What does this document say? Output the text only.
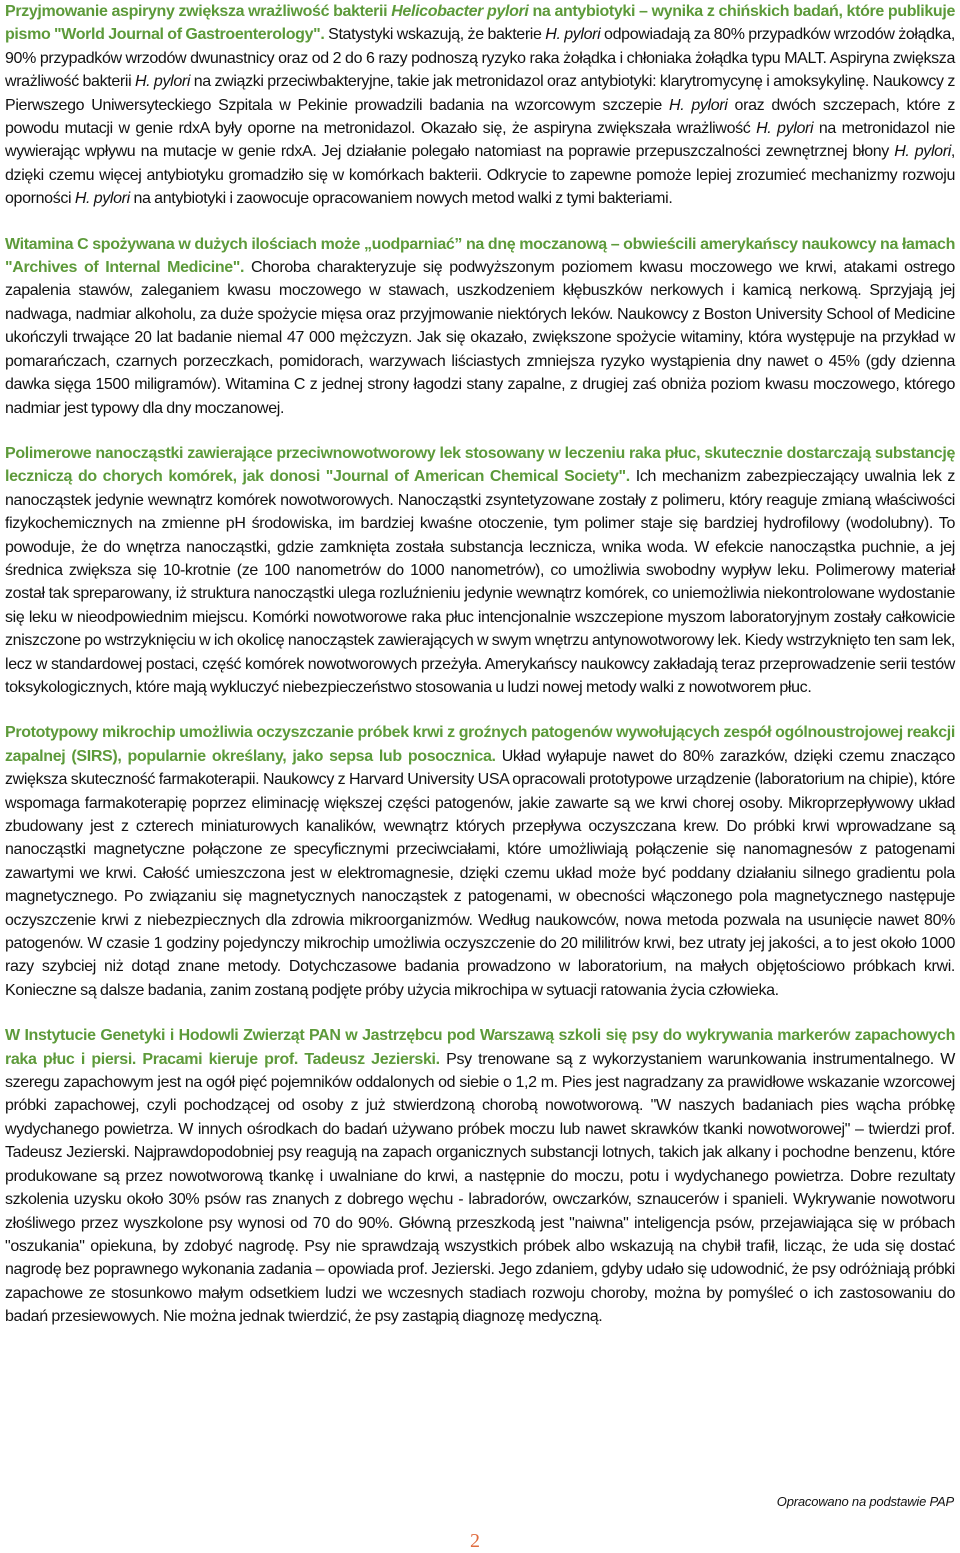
Przyjmowanie aspiryny zwiększa wrażliwość bakterii Helicobacter pylori na antybiotyki – wynika z chińskich badań, które publikuje pismo "World Journal of Gastroenterology". Statystyki wskazują, że bakterie H. pylori odpowiadają za 80% przypadków wrzodów żołądka, 90% przypadków wrzodów dwunastnicy oraz od 2 do 6 razy podnoszą ryzyko raka żołądka i chłoniaka żołądka typu MALT. Aspiryna zwiększa wrażliwość bakterii H. pylori na związki przeciwbakteryjne, takie jak metronidazol oraz antybiotyki: klarytromycynę i amoksykylinę. Naukowcy z Pierwszego Uniwersyteckiego Szpitala w Pekinie prowadzili badania na wzorcowym szczepie H. pylori oraz dwóch szczepach, które z powodu mutacji w genie rdxA były oporne na metronidazol. Okazało się, że aspiryna zwiększała wrażliwość H. pylori na metronidazol nie wywierając wpływu na mutacje w genie rdxA. Jej działanie polegało natomiast na poprawie przepuszczalności zewnętrznej błony H. pylori, dzięki czemu więcej antybiotyku gromadziło się w komórkach bakterii. Odkrycie to zapewne pomoże lepiej zrozumieć mechanizmy rozwoju oporności H. pylori na antybiotyki i zaowocuje opracowaniem nowych metod walki z tymi bakteriami.

Witamina C spożywana w dużych ilościach może „uodparniać” na dnę moczanową – obwieścili amerykańscy naukowcy na łamach "Archives of Internal Medicine". Choroba charakteryzuje się podwyższonym poziomem kwasu moczowego we krwi, atakami ostrego zapalenia stawów, zaleganiem kwasu moczowego w stawach, uszkodzeniem kłębuszków nerkowych i kamicą nerkową. Sprzyjają jej nadwaga, nadmiar alkoholu, za duże spożycie mięsa oraz przyjmowanie niektórych leków. Naukowcy z Boston University School of Medicine ukończyli trwające 20 lat badanie niemal 47 000 mężczyzn. Jak się okazało, zwiększone spożycie witaminy, która występuje na przykład w pomarańczach, czarnych porzeczkach, pomidorach, warzywach liściastych zmniejsza ryzyko wystąpienia dny nawet o 45% (gdy dzienna dawka sięga 1500 miligramów). Witamina C z jednej strony łagodzi stany zapalne, z drugiej zaś obniża poziom kwasu moczowego, którego nadmiar jest typowy dla dny moczanowej.

Polimerowe nanocząstki zawierające przeciwnowotworowy lek stosowany w leczeniu raka płuc, skutecznie dostarczają substancję leczniczą do chorych komórek, jak donosi "Journal of American Chemical Society". Ich mechanizm zabezpieczający uwalnia lek z nanocząstek jedynie wewnątrz komórek nowotworowych. Nanocząstki zsyntetyzowane zostały z polimeru, który reaguje zmianą właściwości fizykochemicznych na zmienne pH środowiska, im bardziej kwaśne otoczenie, tym polimer staje się bardziej hydrofilowy (wodolubny). To powoduje, że do wnętrza nanocząstki, gdzie zamknięta została substancja lecznicza, wnika woda. W efekcie nanocząstka puchnie, a jej średnica zwiększa się 10-krotnie (ze 100 nanometrów do 1000 nanometrów), co umożliwia swobodny wypływ leku. Polimerowy materiał został tak spreparowany, iż struktura nanocząstki ulega rozluźnieniu jedynie wewnątrz komórek, co uniemożliwia niekontrolowane wydostanie się leku w nieodpowiednim miejscu. Komórki nowotworowe raka płuc intencjonalnie wszczepione myszom laboratoryjnym zostały całkowicie zniszczone po wstrzyknięciu w ich okolicę nanocząstek zawierających w swym wnętrzu antynowotworowy lek. Kiedy wstrzyknięto ten sam lek, lecz w standardowej postaci, część komórek nowotworowych przeżyła. Amerykańscy naukowcy zakładają teraz przeprowadzenie serii testów toksykologicznych, które mają wykluczyć niebezpieczeństwo stosowania u ludzi nowej metody walki z nowotworem płuc.

Prototypowy mikrochip umożliwia oczyszczanie próbek krwi z groźnych patogenów wywołujących zespół ogólnoustrojowej reakcji zapalnej (SIRS), popularnie określany, jako sepsa lub posocznica. Układ wyłapuje nawet do 80% zarazków, dzięki czemu znacząco zwiększa skuteczność farmakoterapii. Naukowcy z Harvard University USA opracowali prototypowe urządzenie (laboratorium na chipie), które wspomaga farmakoterapię poprzez eliminację większej części patogenów, jakie zawarte są we krwi chorej osoby. Mikroprzepływowy układ zbudowany jest z czterech miniaturowych kanalików, wewnątrz których przepływa oczyszczana krew. Do próbki krwi wprowadzane są nanocząstki magnetyczne połączone ze specyficznymi przeciwciałami, które umożliwiają połączenie się nanomagnesów z patogenami zawartymi we krwi. Całość umieszczona jest w elektromagnesie, dzięki czemu układ może być poddany działaniu silnego gradientu pola magnetycznego. Po związaniu się magnetycznych nanocząstek z patogenami, w obecności włączonego pola magnetycznego następuje oczyszczenie krwi z niebezpiecznych dla zdrowia mikroorganizmów. Według naukowców, nowa metoda pozwala na usunięcie nawet 80% patogenów. W czasie 1 godziny pojedynczy mikrochip umożliwia oczyszczenie do 20 mililitrów krwi, bez utraty jej jakości, a to jest około 1000 razy szybciej niż dotąd znane metody. Dotychczasowe badania prowadzono w laboratorium, na małych objętościowo próbkach krwi. Konieczne są dalsze badania, zanim zostaną podjęte próby użycia mikrochipa w sytuacji ratowania życia człowieka.

W Instytucie Genetyki i Hodowli Zwierząt PAN w Jastrzębcu pod Warszawą szkoli się psy do wykrywania markerów zapachowych raka płuc i piersi. Pracami kieruje prof. Tadeusz Jezierski. Psy trenowane są z wykorzystaniem warunkowania instrumentalnego. W szeregu zapachowym jest na ogół pięć pojemników oddalonych od siebie o 1,2 m. Pies jest nagradzany za prawidłowe wskazanie wzorcowej próbki zapachowej, czyli pochodzącej od osoby z już stwierdzoną chorobą nowotworową. "W naszych badaniach pies wącha próbkę wydychanego powietrza. W innych ośrodkach do badań używano próbek moczu lub nawet skrawków tkanki nowotworowej" – twierdzi prof. Tadeusz Jezierski. Najprawdopodobniej psy reagują na zapach organicznych substancji lotnych, takich jak alkany i pochodne benzenu, które produkowane są przez nowotworową tkankę i uwalniane do krwi, a następnie do moczu, potu i wydychanego powietrza. Dobre rezultaty szkolenia uzysku około 30% psów ras znanych z dobrego węchu - labradorów, owczarków, sznaucerów i spanieli. Wykrywanie nowotworu złośliwego przez wyszkolone psy wynosi od 70 do 90%. Główną przeszkodą jest "naiwna" inteligencja psów, przejawiająca się w próbach "oszukania" opiekuna, by zdobyć nagrodę. Psy nie sprawdzają wszystkich próbek albo wskazują na chybił trafił, licząc, że uda się dostać nagrodę bez poprawnego wykonania zadania – opowiada prof. Jezierski. Jego zdaniem, gdyby udało się udowodnić, że psy odróżniają próbki zapachowe ze stosunkowo małym odsetkiem ludzi we wczesnych stadiach rozwoju choroby, można by pomyśleć o ich zastosowaniu do badań przesiewowych. Nie można jednak twierdzić, że psy zastąpią diagnozę medyczną.

Opracowano na podstawie PAP
2
